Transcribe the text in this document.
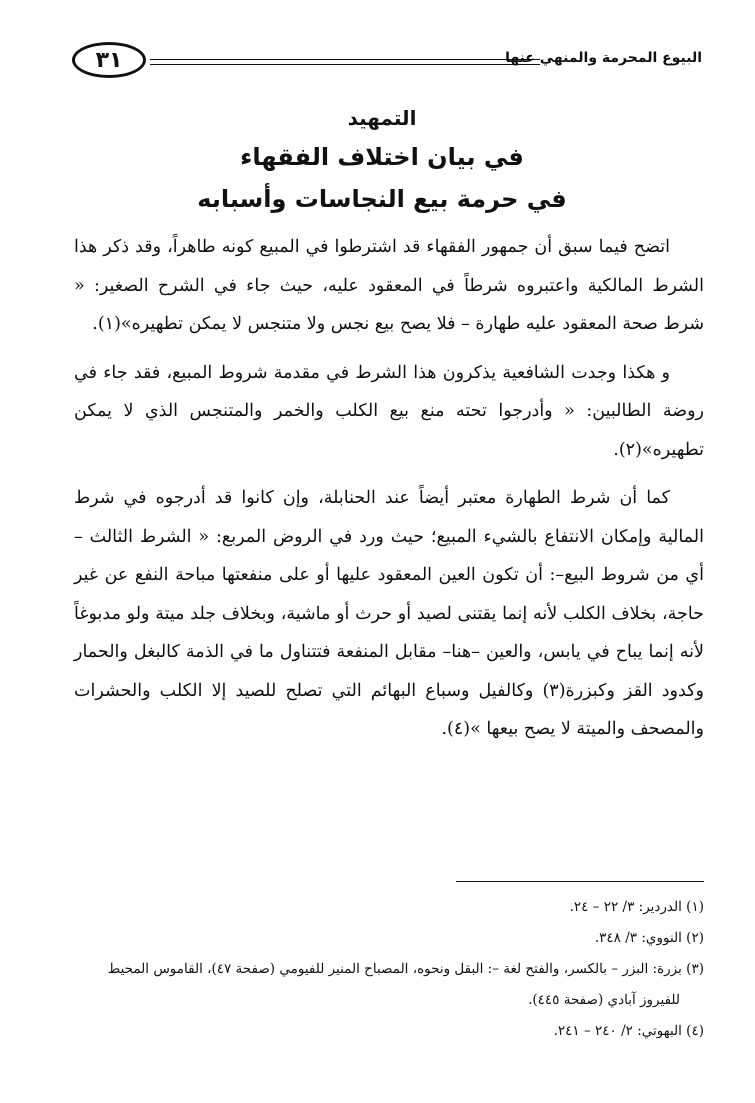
البيوع المحرمة والمنهي عنها
٣١
التمهيد
في بيان اختلاف الفقهاء
في حرمة بيع النجاسات وأسبابه

اتضح فيما سبق أن جمهور الفقهاء قد اشترطوا في المبيع كونه طاهراً، وقد ذكر هذا الشرط المالكية واعتبروه شرطاً في المعقود عليه، حيث جاء في الشرح الصغير: « شرط صحة المعقود عليه طهارة – فلا يصح بيع نجس ولا متنجس لا يمكن تطهيره»(١).

و هكذا وجدت الشافعية يذكرون هذا الشرط في مقدمة شروط المبيع، فقد جاء في روضة الطالبين: « وأدرجوا تحته منع بيع الكلب والخمر والمتنجس الذي لا يمكن تطهيره»(٢).

كما أن شرط الطهارة معتبر أيضاً عند الحنابلة، وإن كانوا قد أدرجوه في شرط المالية وإمكان الانتفاع بالشيء المبيع؛ حيث ورد في الروض المربع: « الشرط الثالث – أي من شروط البيع–: أن تكون العين المعقود عليها أو على منفعتها مباحة النفع عن غير حاجة، بخلاف الكلب لأنه إنما يقتنى لصيد أو حرث أو ماشية، وبخلاف جلد ميتة ولو مدبوغاً لأنه إنما يباح في يابس، والعين –هنا– مقابل المنفعة فتتناول ما في الذمة كالبغل والحمار وكدود القز وكبزرة(٣) وكالفيل وسباع البهائم التي تصلح للصيد إلا الكلب والحشرات والمصحف والميتة لا يصح بيعها »(٤).

(١) الدردير: ٣/ ٢٢ – ٢٤.
(٢) النووي: ٣/ ٣٤٨.
(٣) بزرة: البزر – بالكسر، والفتح لغة –: البقل ونحوه، المصباح المنير للفيومي (صفحة ٤٧)، القاموس المحيط
للفيروز آبادي (صفحة ٤٤٥).
(٤) البهوتي: ٢/ ٢٤٠ – ٢٤١.
